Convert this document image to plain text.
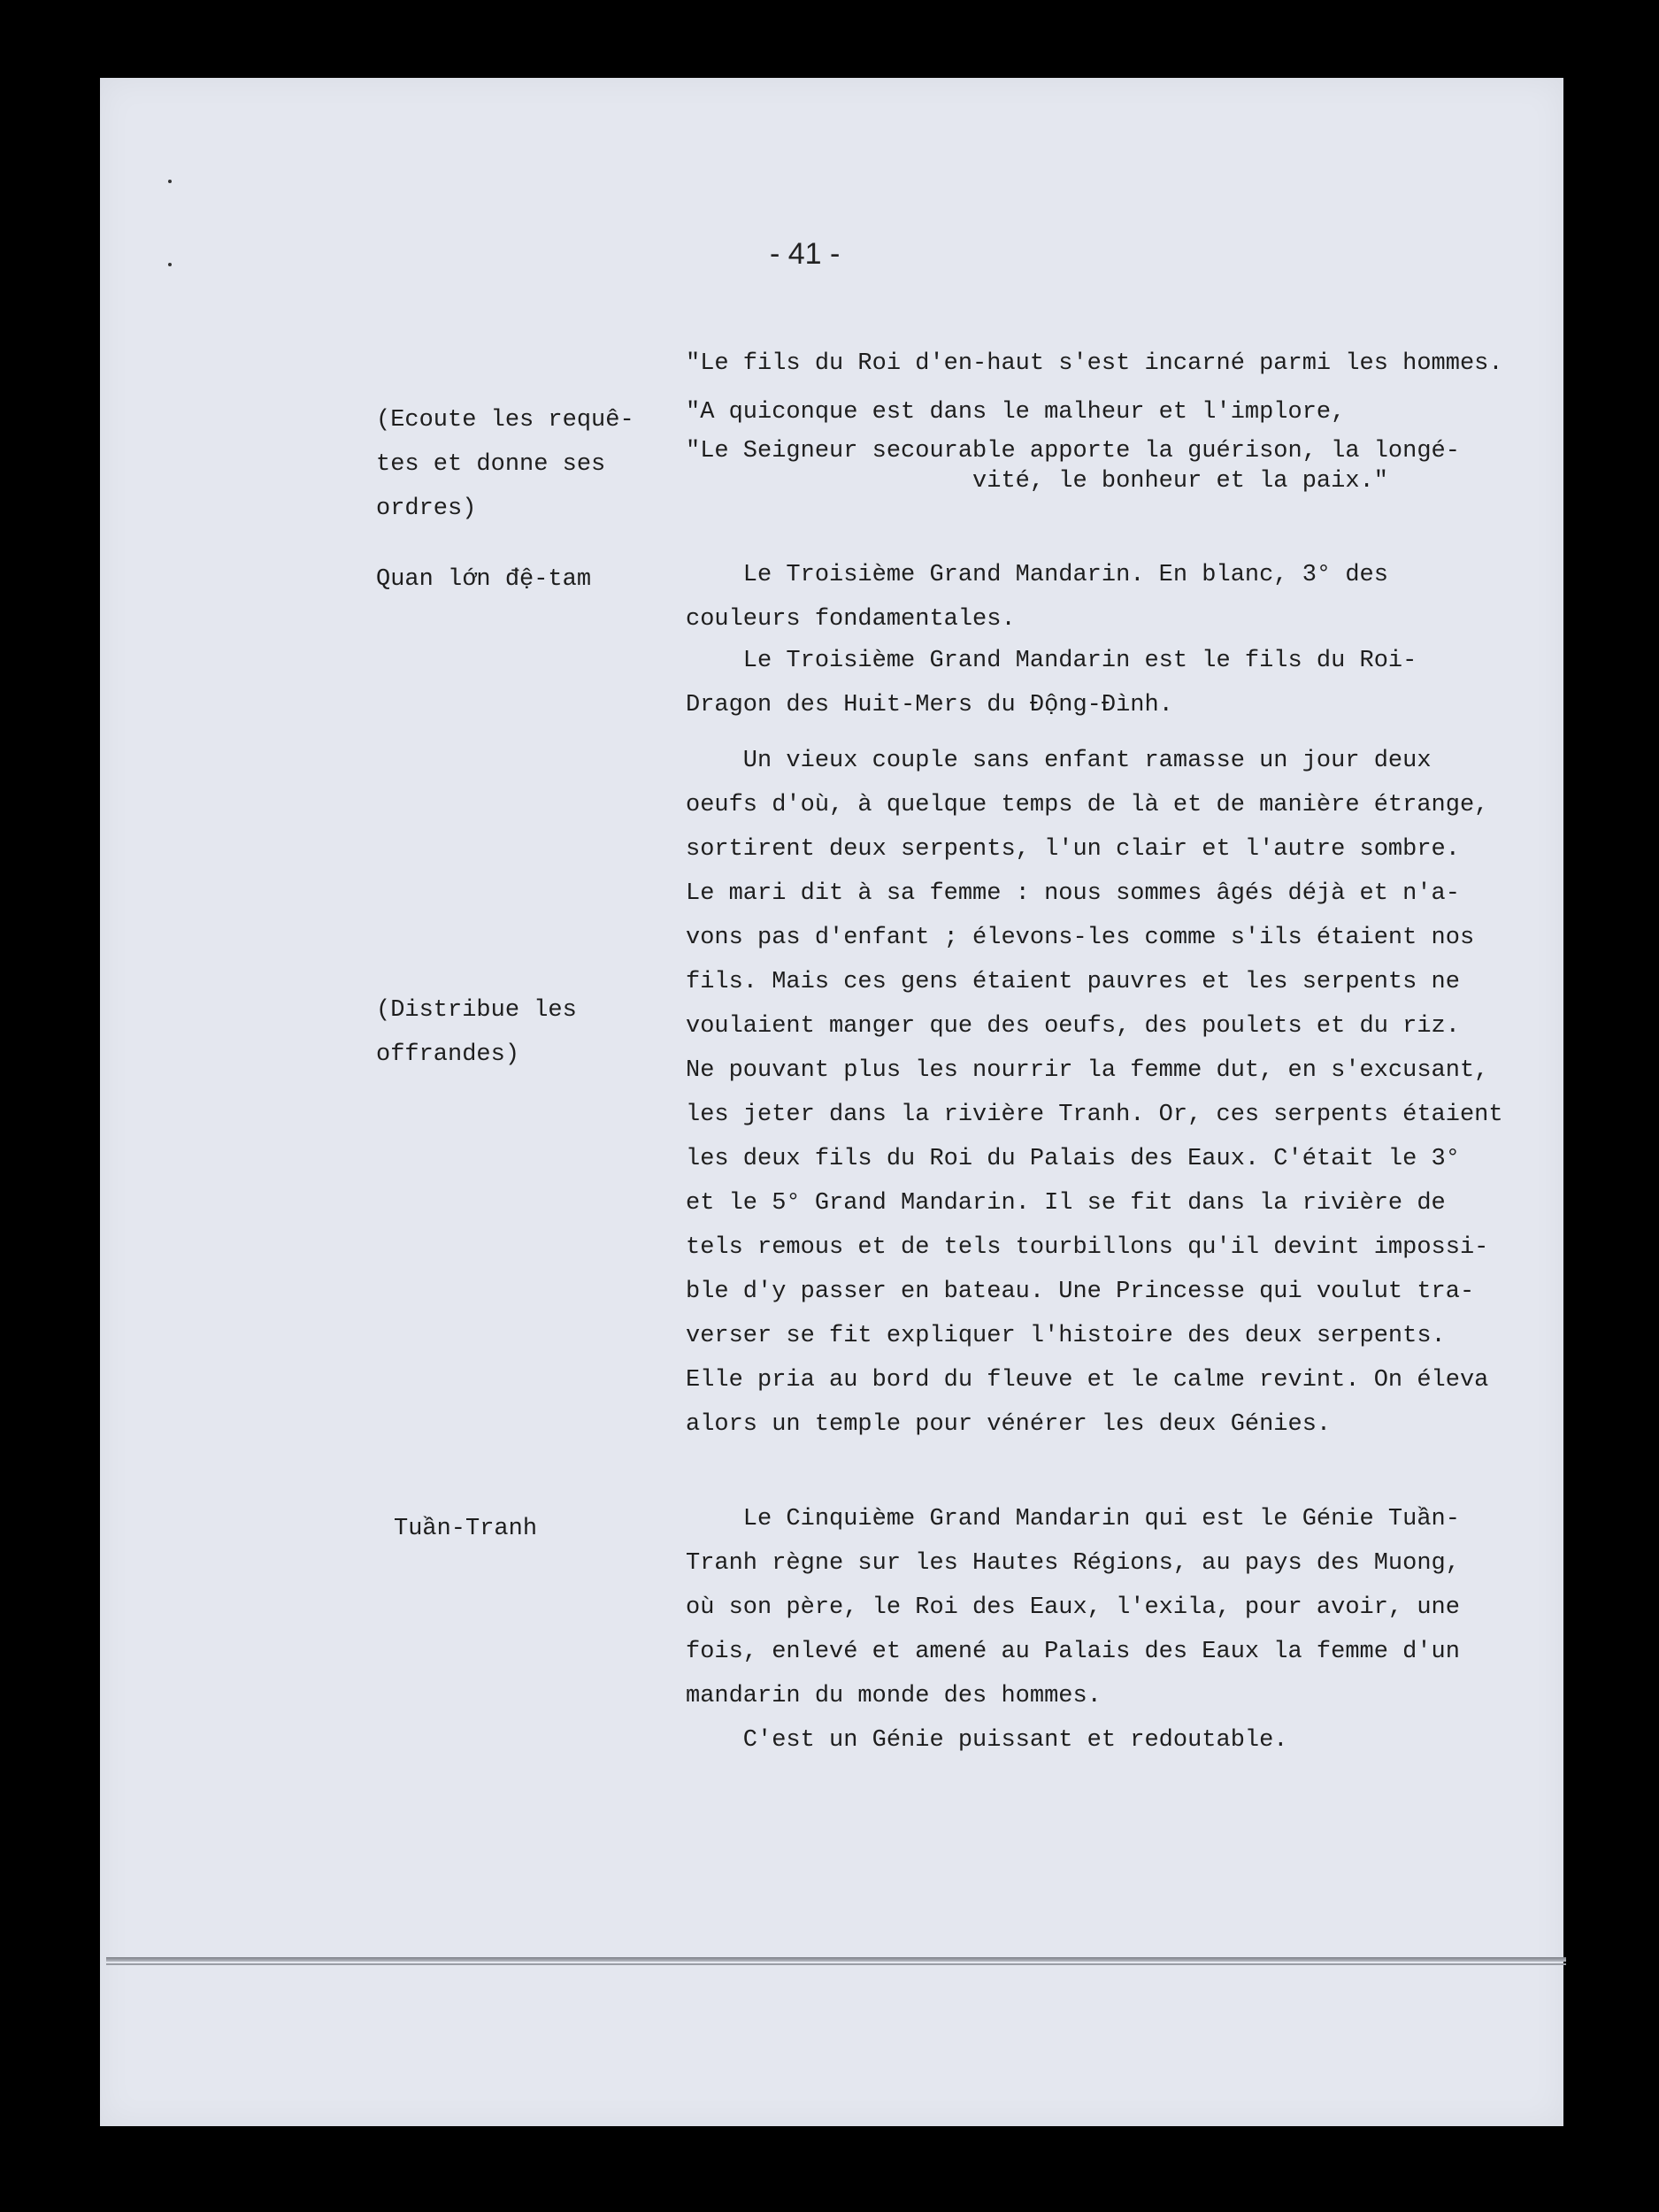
- 41 -
"Le fils du Roi d'en-haut s'est incarné parmi les hommes.
"A quiconque est dans le malheur et l'implore,
"Le Seigneur secourable apporte la guérison, la longé-
vité, le bonheur et la paix."
(Ecoute les requê-
tes et donne ses
ordres)
Quan lớn đệ-tam
(Distribue les
offrandes)
Tuần-Tranh
Le Troisième Grand Mandarin. En blanc, 3° des
couleurs fondamentales.
Le Troisième Grand Mandarin est le fils du Roi-
Dragon des Huit-Mers du Động-Đình.
Un vieux couple sans enfant ramasse un jour deux
oeufs d'où, à quelque temps de là et de manière étrange,
sortirent deux serpents, l'un clair et l'autre sombre.
Le mari dit à sa femme : nous sommes âgés déjà et n'a-
vons pas d'enfant ; élevons-les comme s'ils étaient nos
fils. Mais ces gens étaient pauvres et les serpents ne
voulaient manger que des oeufs, des poulets et du riz.
Ne pouvant plus les nourrir la femme dut, en s'excusant,
les jeter dans la rivière Tranh. Or, ces serpents étaient
les deux fils du Roi du Palais des Eaux. C'était le 3°
et le 5° Grand Mandarin. Il se fit dans la rivière de
tels remous et de tels tourbillons qu'il devint impossi-
ble d'y passer en bateau. Une Princesse qui voulut tra-
verser se fit expliquer l'histoire des deux serpents.
Elle pria au bord du fleuve et le calme revint. On éleva
alors un temple pour vénérer les deux Génies.
Le Cinquième Grand Mandarin qui est le Génie Tuần-
Tranh règne sur les Hautes Régions, au pays des Muong,
où son père, le Roi des Eaux, l'exila, pour avoir, une
fois, enlevé et amené au Palais des Eaux la femme d'un
mandarin du monde des hommes.
C'est un Génie puissant et redoutable.
